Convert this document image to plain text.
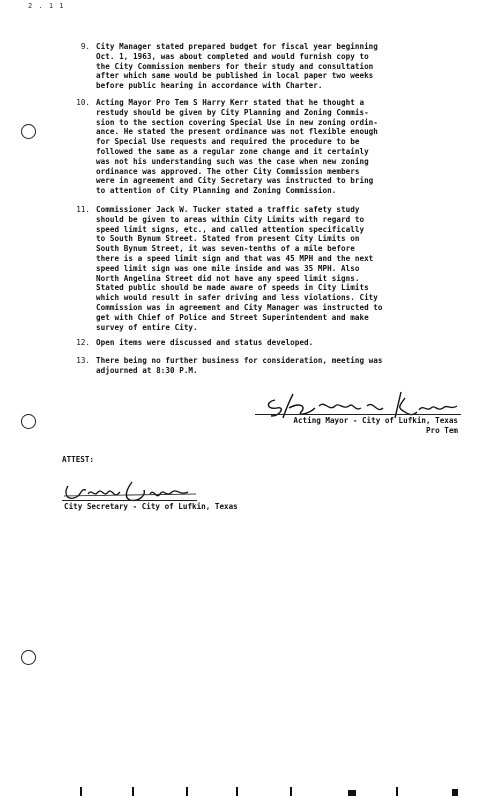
2 . 1 1
9. City Manager stated prepared budget for fiscal year beginning
Oct. 1, 1963, was about completed and would furnish copy to
the City Commission members for their study and consultation
after which same would be published in local paper two weeks
before public hearing in accordance with Charter.
10. Acting Mayor Pro Tem S Harry Kerr stated that he thought a
restudy should be given by City Planning and Zoning Commis-
sion to the section covering Special Use in new zoning ordin-
ance. He stated the present ordinance was not flexible enough
for Special Use requests and required the procedure to be
followed the same as a regular zone change and it certainly
was not his understanding such was the case when new zoning
ordinance was approved. The other City Commission members
were in agreement and City Secretary was instructed to bring
to attention of City Planning and Zoning Commission.
11. Commissioner Jack W. Tucker stated a traffic safety study
should be given to areas within City Limits with regard to
speed limit signs, etc., and called attention specifically
to South Bynum Street. Stated from present City Limits on
South Bynum Street, it was seven-tenths of a mile before
there is a speed limit sign and that was 45 MPH and the next
speed limit sign was one mile inside and was 35 MPH. Also
North Angelina Street did not have any speed limit signs.
Stated public should be made aware of speeds in City Limits
which would result in safer driving and less violations. City
Commission was in agreement and City Manager was instructed to
get with Chief of Police and Street Superintendent and make
survey of entire City.
12. Open items were discussed and status developed.
13. There being no further business for consideration, meeting was
adjourned at 8:30 P.M.
Acting Mayor - City of Lufkin, Texas
Pro Tem
ATTEST:
City Secretary - City of Lufkin, Texas
